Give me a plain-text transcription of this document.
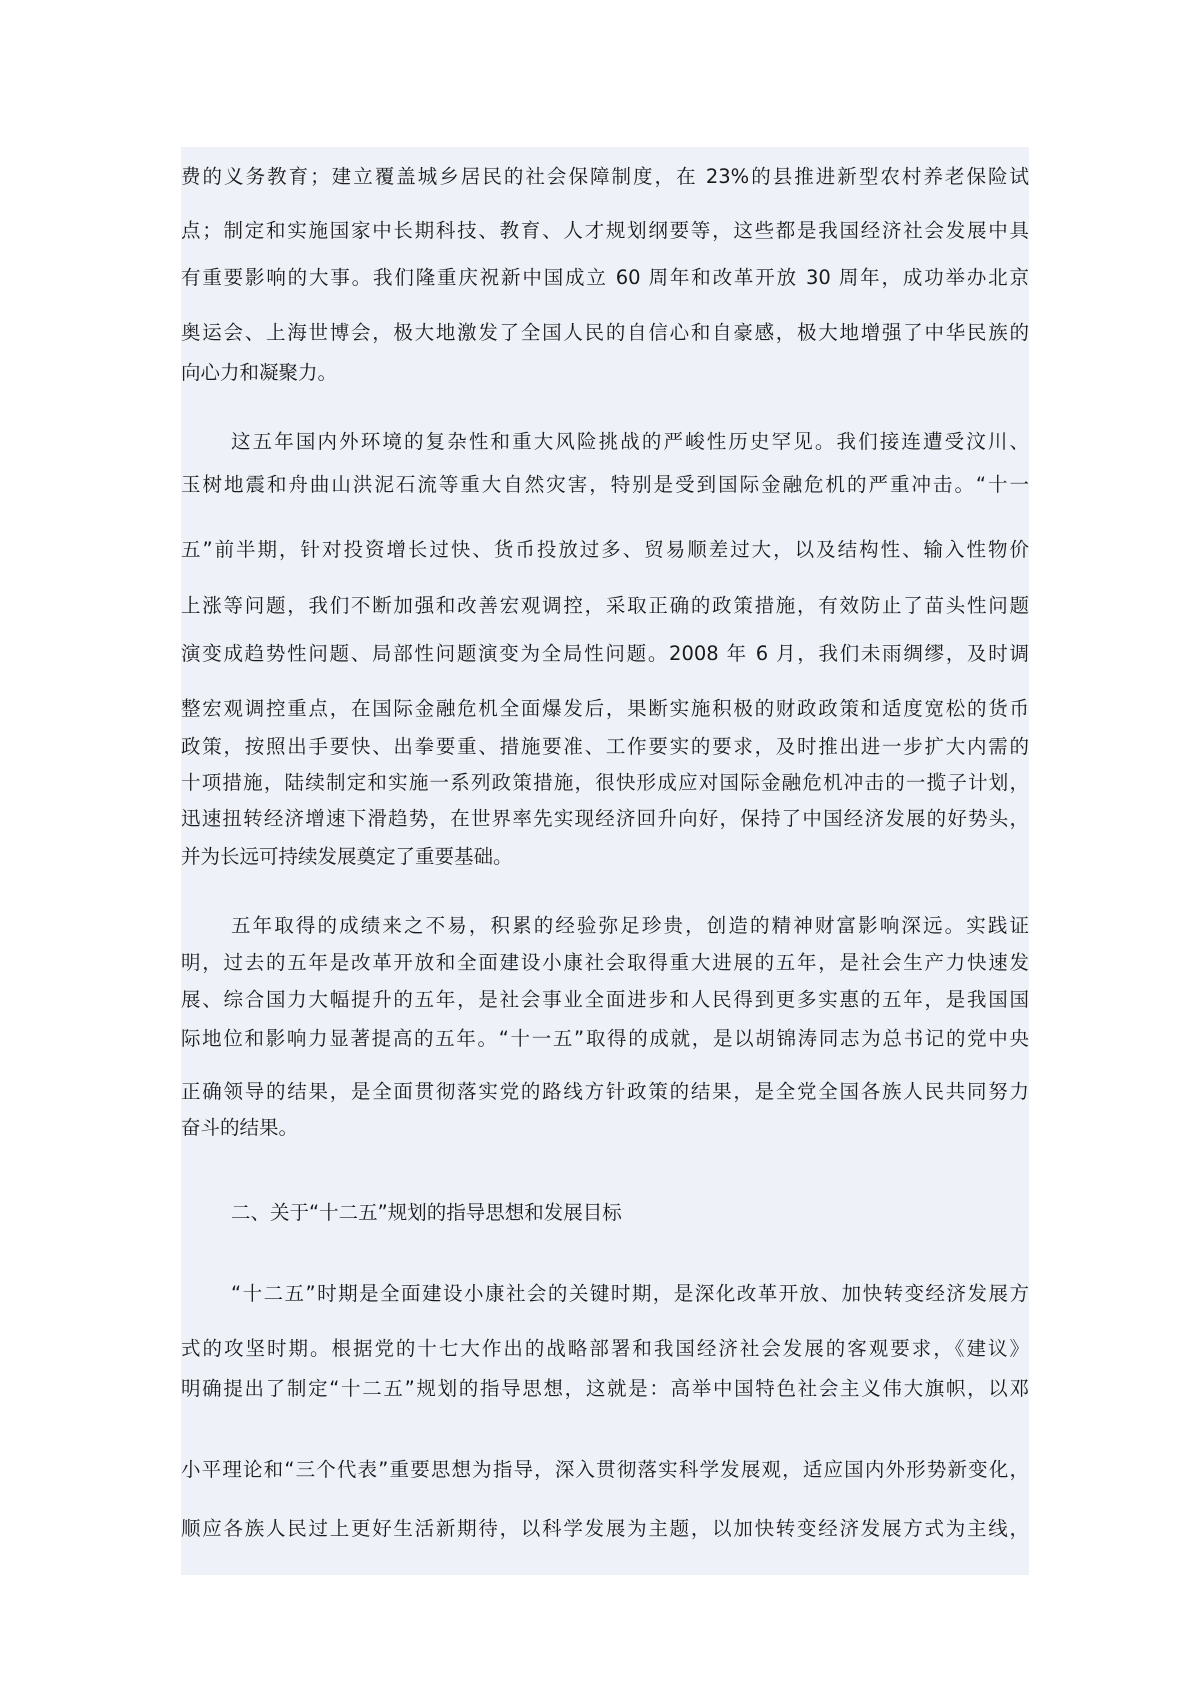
费的义务教育；建立覆盖城乡居民的社会保障制度，在 23%的县推进新型农村养老保险试
点；制定和实施国家中长期科技、教育、人才规划纲要等，这些都是我国经济社会发展中具
有重要影响的大事。我们隆重庆祝新中国成立 60 周年和改革开放 30 周年，成功举办北京
奥运会、上海世博会，极大地激发了全国人民的自信心和自豪感，极大地增强了中华民族的
向心力和凝聚力。
这五年国内外环境的复杂性和重大风险挑战的严峻性历史罕见。我们接连遭受汶川、
玉树地震和舟曲山洪泥石流等重大自然灾害，特别是受到国际金融危机的严重冲击。“十一
五”前半期，针对投资增长过快、货币投放过多、贸易顺差过大，以及结构性、输入性物价
上涨等问题，我们不断加强和改善宏观调控，采取正确的政策措施，有效防止了苗头性问题
演变成趋势性问题、局部性问题演变为全局性问题。2008 年 6 月，我们未雨绸缪，及时调
整宏观调控重点，在国际金融危机全面爆发后，果断实施积极的财政政策和适度宽松的货币
政策，按照出手要快、出拳要重、措施要准、工作要实的要求，及时推出进一步扩大内需的
十项措施，陆续制定和实施一系列政策措施，很快形成应对国际金融危机冲击的一揽子计划，
迅速扭转经济增速下滑趋势，在世界率先实现经济回升向好，保持了中国经济发展的好势头，
并为长远可持续发展奠定了重要基础。
五年取得的成绩来之不易，积累的经验弥足珍贵，创造的精神财富影响深远。实践证
明，过去的五年是改革开放和全面建设小康社会取得重大进展的五年，是社会生产力快速发
展、综合国力大幅提升的五年，是社会事业全面进步和人民得到更多实惠的五年，是我国国
际地位和影响力显著提高的五年。“十一五”取得的成就，是以胡锦涛同志为总书记的党中央
正确领导的结果，是全面贯彻落实党的路线方针政策的结果，是全党全国各族人民共同努力
奋斗的结果。
二、关于“十二五”规划的指导思想和发展目标
“十二五”时期是全面建设小康社会的关键时期，是深化改革开放、加快转变经济发展方
式的攻坚时期。根据党的十七大作出的战略部署和我国经济社会发展的客观要求，《建议》
明确提出了制定“十二五”规划的指导思想，这就是：高举中国特色社会主义伟大旗帜，以邓
小平理论和“三个代表”重要思想为指导，深入贯彻落实科学发展观，适应国内外形势新变化，
顺应各族人民过上更好生活新期待，以科学发展为主题，以加快转变经济发展方式为主线，
